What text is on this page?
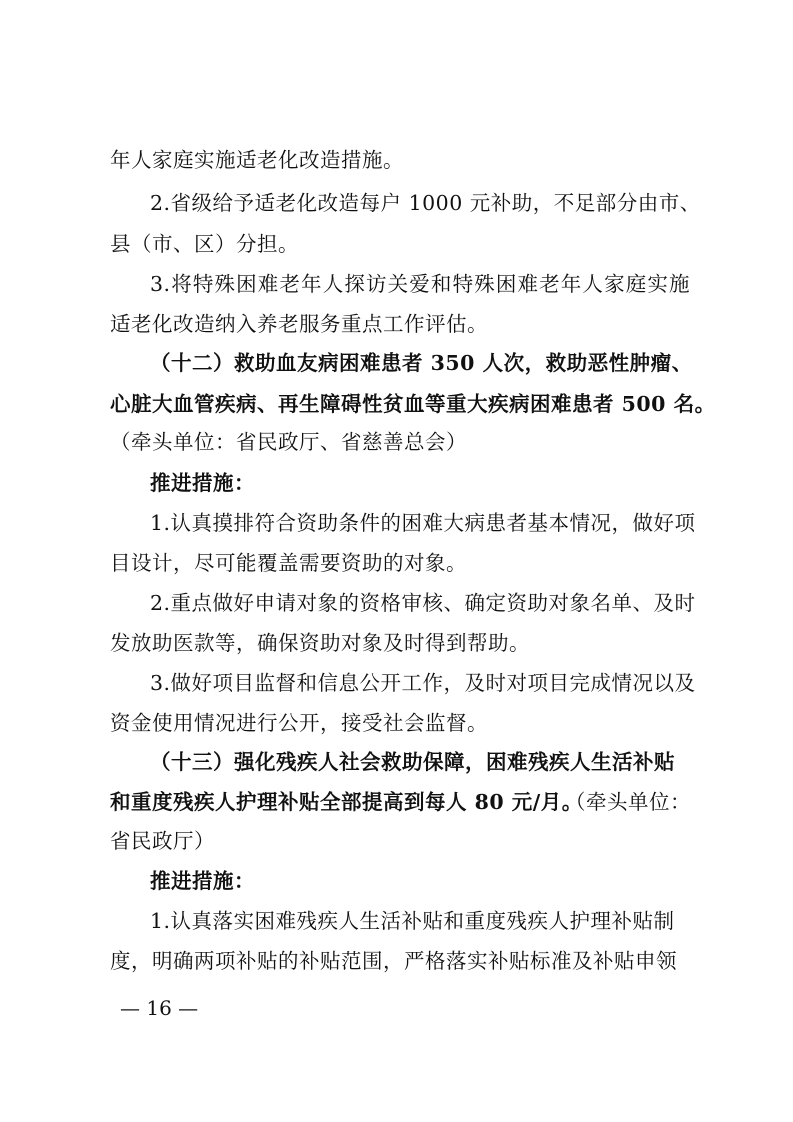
年人家庭实施适老化改造措施。
2.省级给予适老化改造每户 1000 元补助，不足部分由市、
县（市、区）分担。
3.将特殊困难老年人探访关爱和特殊困难老年人家庭实施
适老化改造纳入养老服务重点工作评估。
（十二）救助血友病困难患者 350 人次，救助恶性肿瘤、
心脏大血管疾病、再生障碍性贫血等重大疾病困难患者 500 名。
（牵头单位：省民政厅、省慈善总会）
推进措施：
1.认真摸排符合资助条件的困难大病患者基本情况，做好项
目设计，尽可能覆盖需要资助的对象。
2.重点做好申请对象的资格审核、确定资助对象名单、及时
发放助医款等，确保资助对象及时得到帮助。
3.做好项目监督和信息公开工作，及时对项目完成情况以及
资金使用情况进行公开，接受社会监督。
（十三）强化残疾人社会救助保障，困难残疾人生活补贴
和重度残疾人护理补贴全部提高到每人 80 元/月。
（牵头单位：
省民政厅）
推进措施：
1.认真落实困难残疾人生活补贴和重度残疾人护理补贴制
度，明确两项补贴的补贴范围，严格落实补贴标准及补贴申领
— 16 —
